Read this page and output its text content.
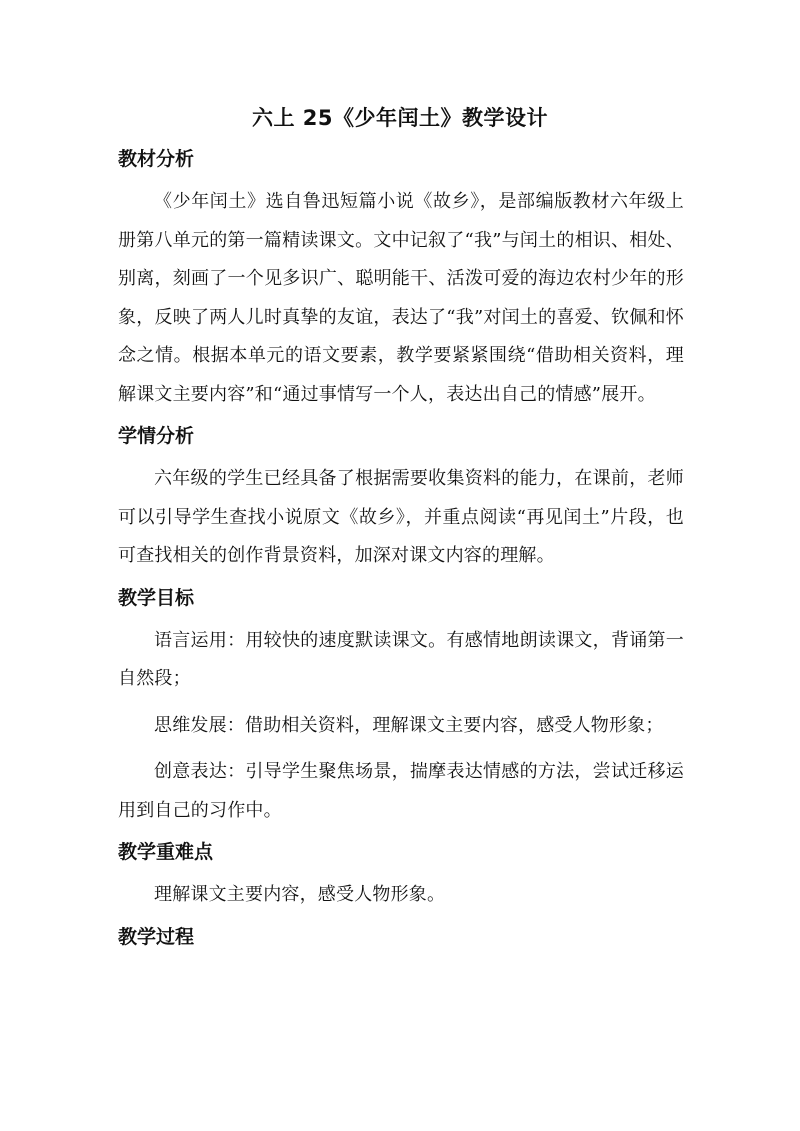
六上 25《少年闰土》教学设计
教材分析

《少年闰土》选自鲁迅短篇小说《故乡》，是部编版教材六年级上册第八单元的第一篇精读课文。文中记叙了“我”与闰土的相识、相处、别离，刻画了一个见多识广、聪明能干、活泼可爱的海边农村少年的形象，反映了两人儿时真挚的友谊，表达了“我”对闰土的喜爱、钦佩和怀念之情。根据本单元的语文要素，教学要紧紧围绕“借助相关资料，理解课文主要内容”和“通过事情写一个人，表达出自己的情感”展开。

学情分析

六年级的学生已经具备了根据需要收集资料的能力，在课前，老师可以引导学生查找小说原文《故乡》，并重点阅读“再见闰土”片段，也可查找相关的创作背景资料，加深对课文内容的理解。

教学目标

语言运用：用较快的速度默读课文。有感情地朗读课文，背诵第一自然段；

思维发展：借助相关资料，理解课文主要内容，感受人物形象；

创意表达：引导学生聚焦场景，揣摩表达情感的方法，尝试迁移运用到自己的习作中。

教学重难点

理解课文主要内容，感受人物形象。

教学过程
